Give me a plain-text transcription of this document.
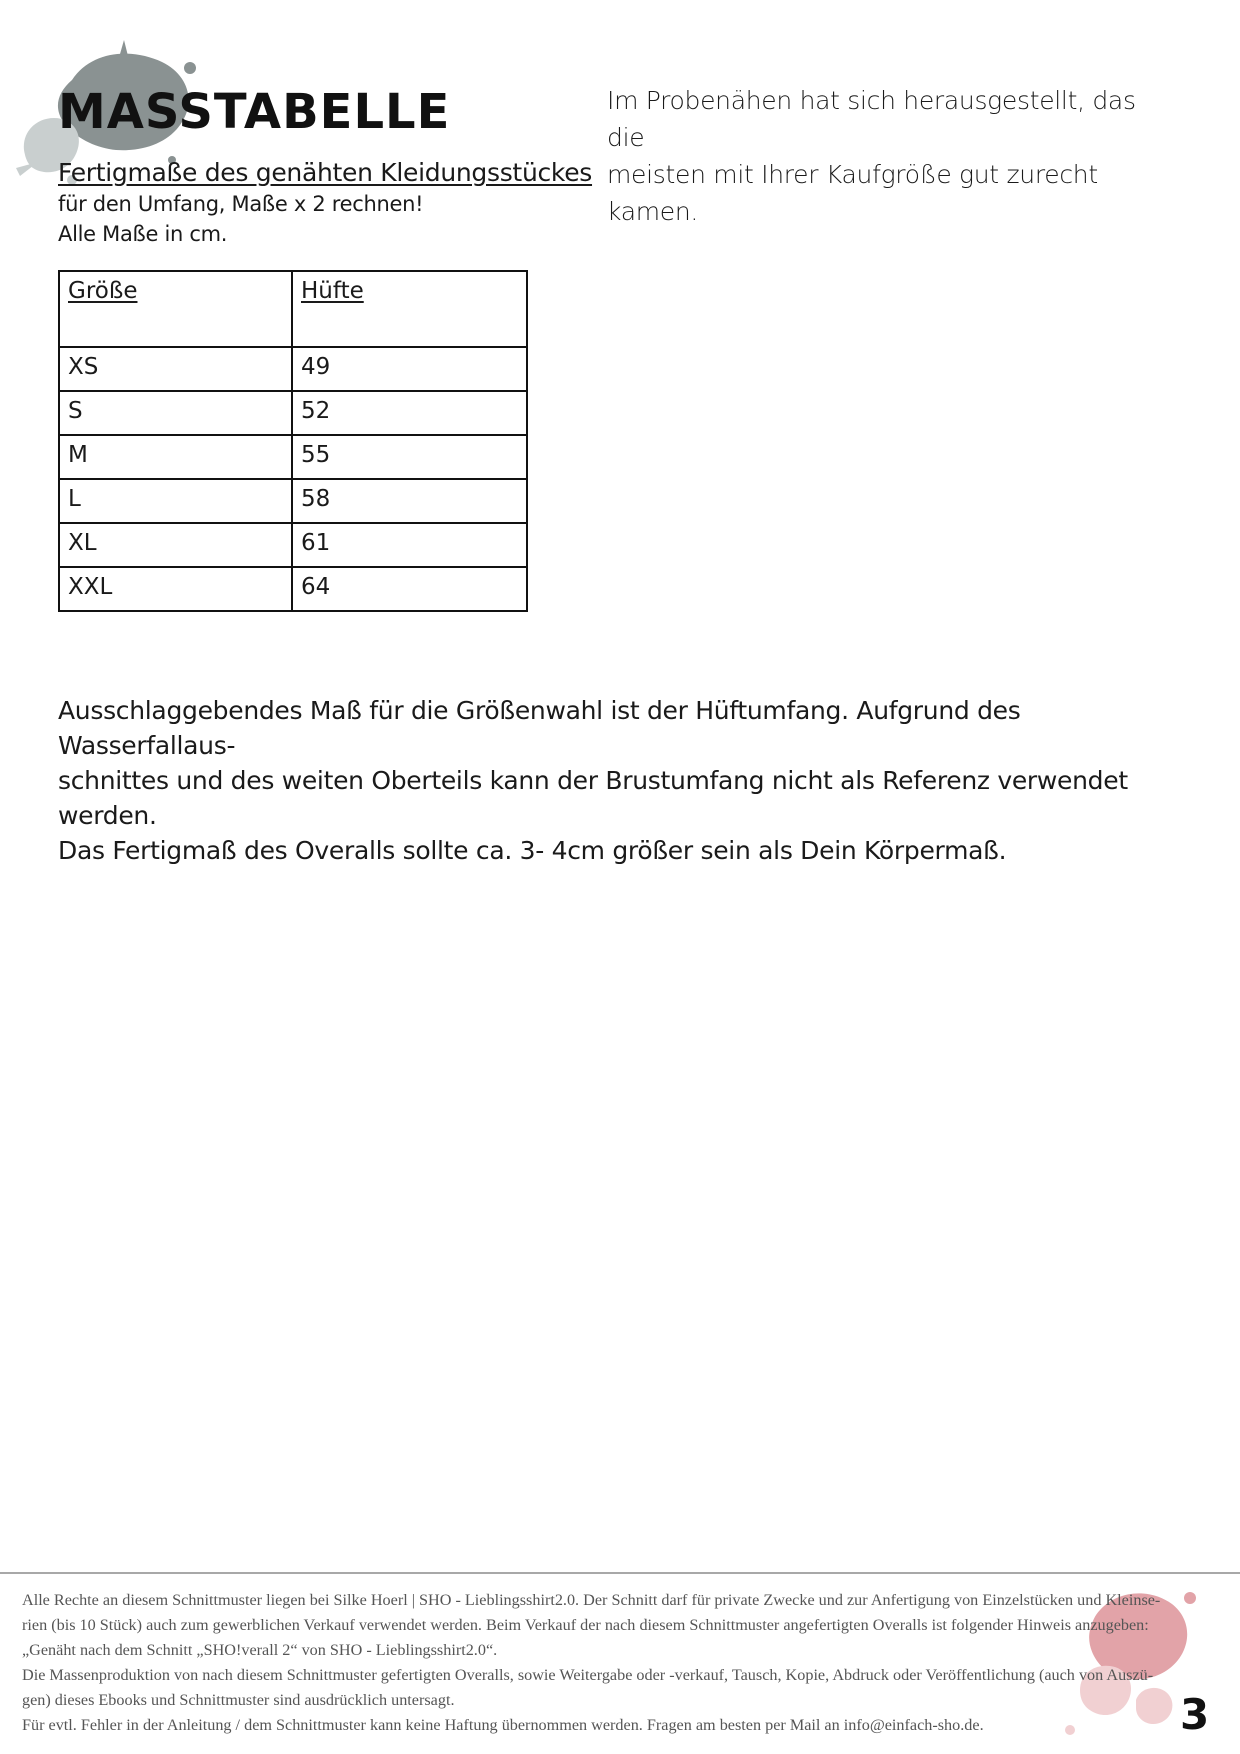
MASSTABELLE	Im Probenähen hat sich herausgestellt, das die
meisten mit Ihrer Kaufgröße gut zurecht kamen.
Fertigmaße des genähten Kleidungsstückes
für den Umfang, Maße x 2 rechnen!
Alle Maße in cm.
Größe	Hüfte
XS	49
S	52
M	55
L	58
XL	61
XXL	64

Ausschlaggebendes Maß für die Größenwahl ist der Hüftumfang. Aufgrund des Wasserfallaus-

schnittes und des weiten Oberteils kann der Brustumfang nicht als Referenz verwendet werden.

Das Fertigmaß des Overalls sollte ca. 3- 4cm größer sein als Dein Körpermaß.

Alle Rechte an diesem Schnittmuster liegen bei Silke Hoerl | SHO - Lieblingsshirt2.0. Der Schnitt darf für private Zwecke und zur Anfertigung von Einzelstücken und Kleinse-

rien (bis 10 Stück) auch zum gewerblichen Verkauf verwendet werden. Beim Verkauf der nach diesem Schnittmuster angefertigten Overalls ist folgender Hinweis anzugeben:

„Genäht nach dem Schnitt „SHO!verall 2“ von SHO - Lieblingsshirt2.0“.

Die Massenproduktion von nach diesem Schnittmuster gefertigten Overalls, sowie Weitergabe oder -verkauf, Tausch, Kopie, Abdruck oder Veröffentlichung (auch von Auszü-

gen) dieses Ebooks und Schnittmuster sind ausdrücklich untersagt.

Für evtl. Fehler in der Anleitung / dem Schnittmuster kann keine Haftung übernommen werden. Fragen am besten per Mail an info@einfach-sho.de.	3
